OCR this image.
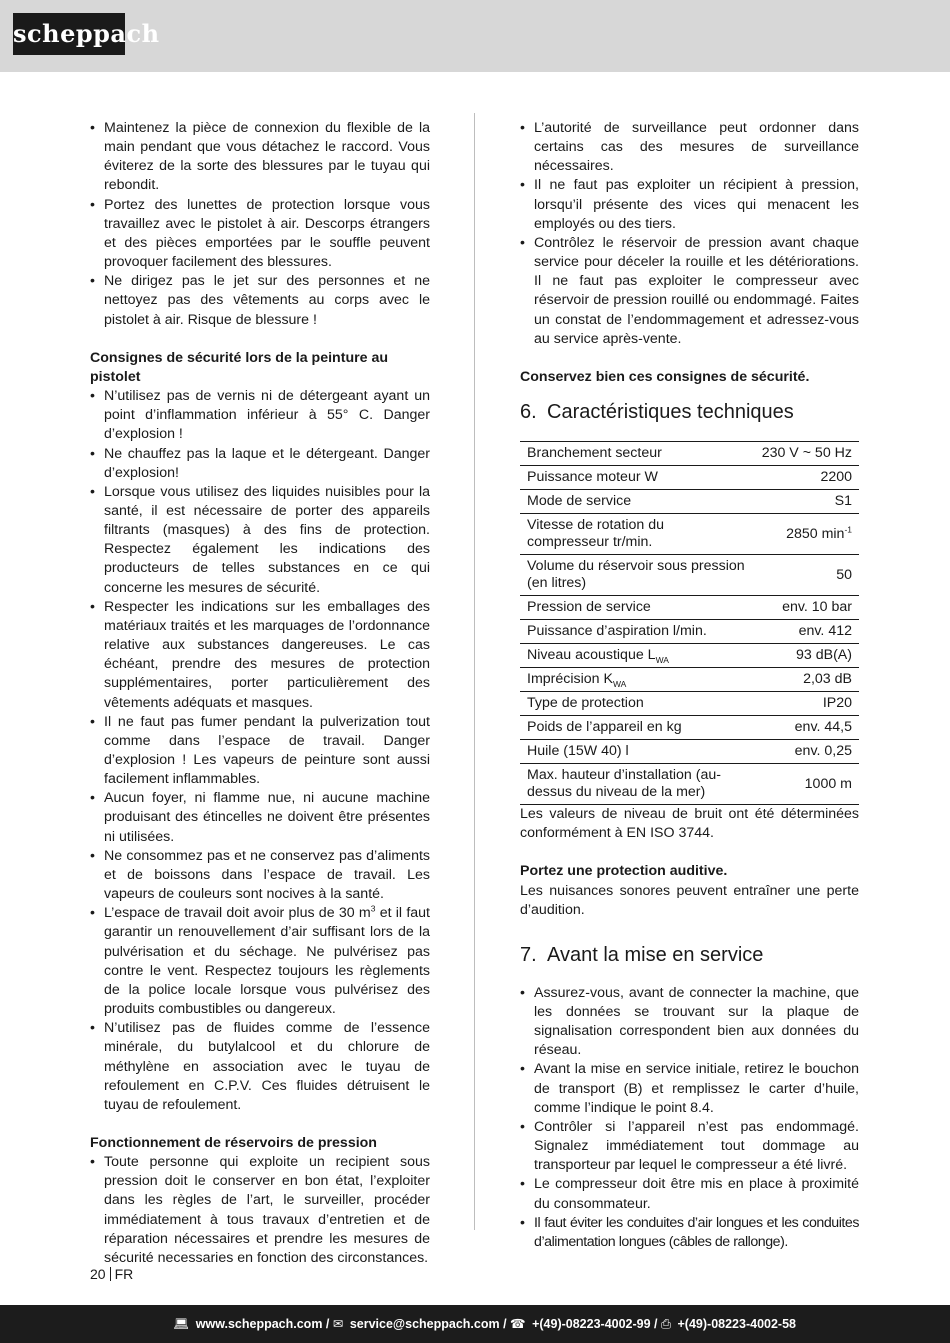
scheppach
• Maintenez la pièce de connexion du flexible de la main pendant que vous détachez le raccord. Vous éviterez de la sorte des blessures par le tuyau qui rebondit.
• Portez des lunettes de protection lorsque vous travaillez avec le pistolet à air. Descorps étrangers et des pièces emportées par le souffle peuvent provoquer facilement des blessures.
• Ne dirigez pas le jet sur des personnes et ne nettoyez pas des vêtements au corps avec le pistolet à air. Risque de blessure !
Consignes de sécurité lors de la peinture au pistolet
• N’utilisez pas de vernis ni de détergeant ayant un point d’inflammation inférieur à 55° C. Danger d’explosion !
• Ne chauffez pas la laque et le détergeant. Danger d’explosion!
• Lorsque vous utilisez des liquides nuisibles pour la santé, il est nécessaire de porter des appareils filtrants (masques) à des fins de protection. Respectez également les indications des producteurs de telles substances en ce qui concerne les mesures de sécurité.
• Respecter les indications sur les emballages des matériaux traités et les marquages de l’ordonnance relative aux substances dangereuses. Le cas échéant, prendre des mesures de protection supplémentaires, porter particulièrement des vêtements adéquats et masques.
• Il ne faut pas fumer pendant la pulverization tout comme dans l’espace de travail. Danger d’explosion ! Les vapeurs de peinture sont aussi facilement inflammables.
• Aucun foyer, ni flamme nue, ni aucune machine produisant des étincelles ne doivent être présentes ni utilisées.
• Ne consommez pas et ne conservez pas d’aliments et de boissons dans l’espace de travail. Les vapeurs de couleurs sont nocives à la santé.
• L’espace de travail doit avoir plus de 30 $m^3$ et il faut garantir un renouvellement d’air suffisant lors de la pulvérisation et du séchage. Ne pulvérisez pas contre le vent. Respectez toujours les règlements de la police locale lorsque vous pulvérisez des produits combustibles ou dangereux.
• N’utilisez pas de fluides comme de l’essence minérale, du butylalcool et du chlorure de méthylène en association avec le tuyau de refoulement en C.P.V. Ces fluides détruisent le tuyau de refoulement.
Fonctionnement de réservoirs de pression
• Toute personne qui exploite un recipient sous pression doit le conserver en bon état, l’exploiter dans les règles de l’art, le surveiller, procéder immédiatement à tous travaux d’entretien et de réparation nécessaires et prendre les mesures de sécurité necessaries en fonction des circonstances.
• L’autorité de surveillance peut ordonner dans certains cas des mesures de surveillance nécessaires.
• Il ne faut pas exploiter un récipient à pression, lorsqu’il présente des vices qui menacent les employés ou des tiers.
• Contrôlez le réservoir de pression avant chaque service pour déceler la rouille et les détériorations. Il ne faut pas exploiter le compresseur avec réservoir de pression rouillé ou endommagé. Faites un constat de l’endommagement et adressez-vous au service après-vente.
Conservez bien ces consignes de sécurité.
6. Caractéristiques techniques
Branchement secteur	230 V ~ 50 Hz
Puissance moteur W	2200
Mode de service	S1
Vitesse de rotation du compresseur tr/min.	2850 $\min^{-1}$
Volume du réservoir sous pression (en litres)	50
Pression de service	env. 10 bar
Puissance d’aspiration l/min.	env. 412
Niveau acoustique $L_{WA}$	93 dB(A)
Imprécision $K_{WA}$	2,03 dB
Type de protection	IP20
Poids de l’appareil en kg	env. 44,5
Huile (15W 40) l	env. 0,25
Max. hauteur d’installation (au-dessus du niveau de la mer)	1000 m

Les valeurs de niveau de bruit ont été déterminées conformément à EN ISO 3744.

Portez une protection auditive.

Les nuisances sonores peuvent entraîner une perte d’audition.

7. Avant la mise en service
• Assurez-vous, avant de connecter la machine, que les données se trouvant sur la plaque de signalisation correspondent bien aux données du réseau.
• Avant la mise en service initiale, retirez le bouchon de transport (B) et remplissez le carter d’huile, comme l’indique le point 8.4.
• Contrôler si l’appareil n’est pas endommagé. Signalez immédiatement tout dommage au transporteur par lequel le compresseur a été livré.
• Le compresseur doit être mis en place à proximité du consommateur.
• Il faut éviter les conduites d’air longues et les conduites d’alimentation longues (câbles de rallonge).
20 FR
💻︎ www.scheppach.com / ✉︎ service@scheppach.com / ☎︎ +(49)-08223-4002-99 / ⎙ +(49)-08223-4002-58
